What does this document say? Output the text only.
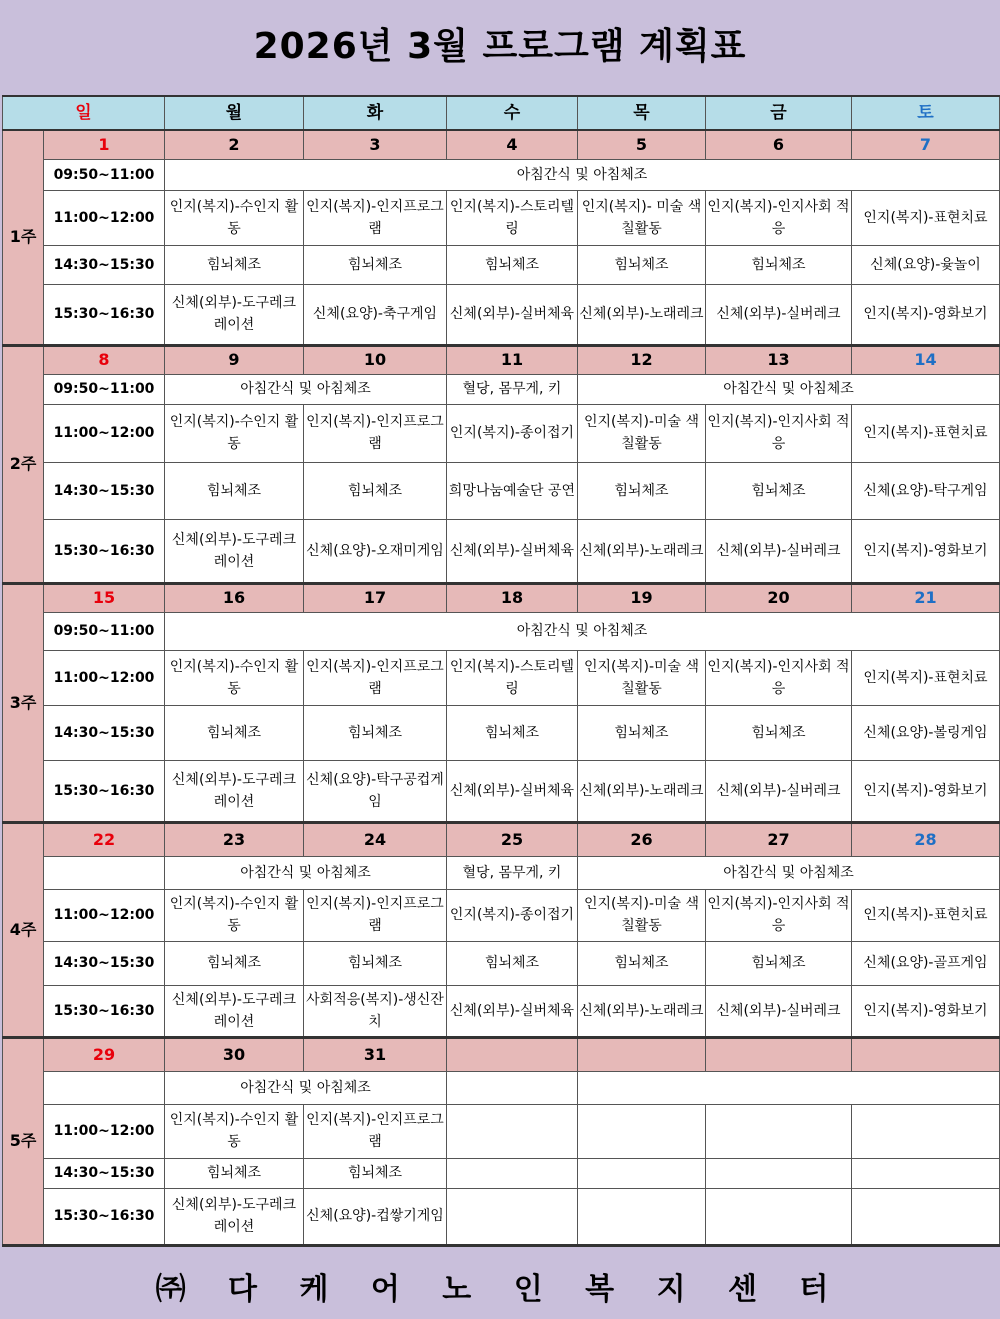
2026년 3월 프로그램 계획표
일		월	화	수	목	금	토
1주	1	2	3	4	5	6	7
	09:50~11:00	아침간식 및 아침체조					
	11:00~12:00	인지(복지)-수인지 활동	인지(복지)-인지프로그램	인지(복지)-스토리텔링	인지(복지)- 미술 색칠활동	인지(복지)-인지사회 적응	인지(복지)-표현치료
	14:30~15:30	힘뇌체조	힘뇌체조	힘뇌체조	힘뇌체조	힘뇌체조	신체(요양)-윷놀이
	15:30~16:30	신체(외부)-도구레크레이션	신체(요양)-축구게임	신체(외부)-실버체육	신체(외부)-노래레크	신체(외부)-실버레크	인지(복지)-영화보기
2주	8	9	10	11	12	13	14
	09:50~11:00	아침간식 및 아침체조		혈당, 몸무게, 키	아침간식 및 아침체조		
	11:00~12:00	인지(복지)-수인지 활동	인지(복지)-인지프로그램	인지(복지)-종이접기	인지(복지)-미술 색칠활동	인지(복지)-인지사회 적응	인지(복지)-표현치료
	14:30~15:30	힘뇌체조	힘뇌체조	희망나눔예술단 공연	힘뇌체조	힘뇌체조	신체(요양)-탁구게임
	15:30~16:30	신체(외부)-도구레크레이션	신체(요양)-오재미게임	신체(외부)-실버체육	신체(외부)-노래레크	신체(외부)-실버레크	인지(복지)-영화보기
3주	15	16	17	18	19	20	21
	09:50~11:00	아침간식 및 아침체조					
	11:00~12:00	인지(복지)-수인지 활동	인지(복지)-인지프로그램	인지(복지)-스토리텔링	인지(복지)-미술 색칠활동	인지(복지)-인지사회 적응	인지(복지)-표현치료
	14:30~15:30	힘뇌체조	힘뇌체조	힘뇌체조	힘뇌체조	힘뇌체조	신체(요양)-볼링게임
	15:30~16:30	신체(외부)-도구레크레이션	신체(요양)-탁구공컵게임	신체(외부)-실버체육	신체(외부)-노래레크	신체(외부)-실버레크	인지(복지)-영화보기
4주	22	23	24	25	26	27	28
		아침간식 및 아침체조		혈당, 몸무게, 키	아침간식 및 아침체조		
	11:00~12:00	인지(복지)-수인지 활동	인지(복지)-인지프로그램	인지(복지)-종이접기	인지(복지)-미술 색칠활동	인지(복지)-인지사회 적응	인지(복지)-표현치료
	14:30~15:30	힘뇌체조	힘뇌체조	힘뇌체조	힘뇌체조	힘뇌체조	신체(요양)-골프게임
	15:30~16:30	신체(외부)-도구레크레이션	사회적응(복지)-생신잔치	신체(외부)-실버체육	신체(외부)-노래레크	신체(외부)-실버레크	인지(복지)-영화보기
5주	29	30	31				
		아침간식 및 아침체조					
	11:00~12:00	인지(복지)-수인지 활동	인지(복지)-인지프로그램				
	14:30~15:30	힘뇌체조	힘뇌체조				
	15:30~16:30	신체(외부)-도구레크레이션	신체(요양)-컵쌓기게임				
㈜ 다 케 어 노 인 복 지 센 터
